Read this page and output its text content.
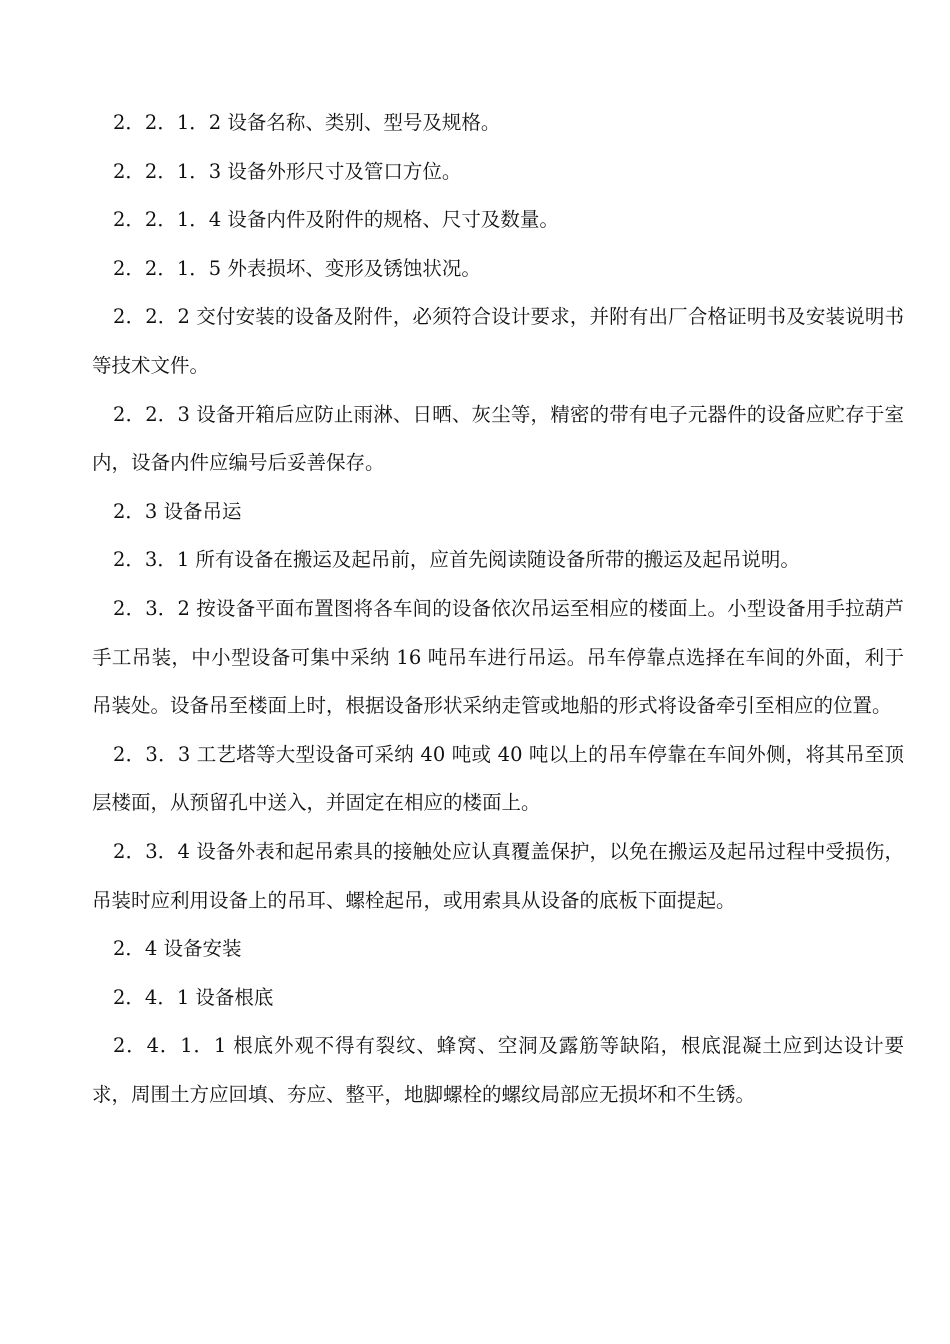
2．2．1．2 设备名称、类别、型号及规格。

2．2．1．3 设备外形尺寸及管口方位。

2．2．1．4 设备内件及附件的规格、尺寸及数量。

2．2．1．5 外表损坏、变形及锈蚀状况。

2．2．2 交付安装的设备及附件，必须符合设计要求，并附有出厂合格证明书及安装说明书等技术文件。

2．2．3 设备开箱后应防止雨淋、日晒、灰尘等，精密的带有电子元器件的设备应贮存于室内，设备内件应编号后妥善保存。

2．3 设备吊运

2．3．1 所有设备在搬运及起吊前，应首先阅读随设备所带的搬运及起吊说明。

2．3．2 按设备平面布置图将各车间的设备依次吊运至相应的楼面上。小型设备用手拉葫芦手工吊装，中小型设备可集中采纳 16 吨吊车进行吊运。吊车停靠点选择在车间的外面，利于吊装处。设备吊至楼面上时，根据设备形状采纳走管或地船的形式将设备牵引至相应的位置。

2．3．3 工艺塔等大型设备可采纳 40 吨或 40 吨以上的吊车停靠在车间外侧，将其吊至顶层楼面，从预留孔中送入，并固定在相应的楼面上。

2．3．4 设备外表和起吊索具的接触处应认真覆盖保护，以免在搬运及起吊过程中受损伤，吊装时应利用设备上的吊耳、螺栓起吊，或用索具从设备的底板下面提起。

2．4 设备安装

2．4．1 设备根底

2．4．1．1 根底外观不得有裂纹、蜂窝、空洞及露筋等缺陷，根底混凝土应到达设计要求，周围土方应回填、夯应、整平，地脚螺栓的螺纹局部应无损坏和不生锈。
